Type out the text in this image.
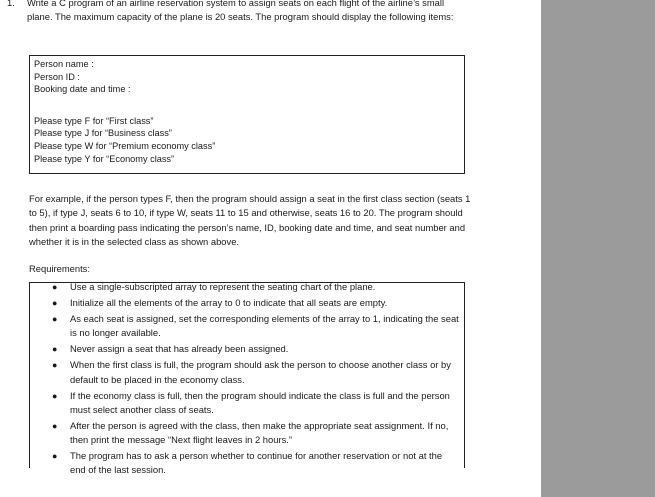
1. Write a C program of an airline reservation system to assign seats on each flight of the airline’s small plane. The maximum capacity of the plane is 20 seats. The program should display the following items:

Person name :

Person ID :

Booking date and time :

Please type F for “First class”

Please type J for “Business class”

Please type W for “Premium economy class”

Please type Y for “Economy class”

For example, if the person types F, then the program should assign a seat in the first class section (seats 1 to 5), if type J, seats 6 to 10, if type W, seats 11 to 15 and otherwise, seats 16 to 20. The program should then print a boarding pass indicating the person’s name, ID, booking date and time, and seat number and whether it is in the selected class as shown above.
Requirements:
● Use a single-subscripted array to represent the seating chart of the plane.
● Initialize all the elements of the array to 0 to indicate that all seats are empty.
● As each seat is assigned, set the corresponding elements of the array to 1, indicating the seat is no longer available.
● Never assign a seat that has already been assigned.
● When the first class is full, the program should ask the person to choose another class or by default to be placed in the economy class.
● If the economy class is full, then the program should indicate the class is full and the person must select another class of seats.
● After the person is agreed with the class, then make the appropriate seat assignment. If no, then print the message “Next flight leaves in 2 hours.”
● The program has to ask a person whether to continue for another reservation or not at the end of the last session.
